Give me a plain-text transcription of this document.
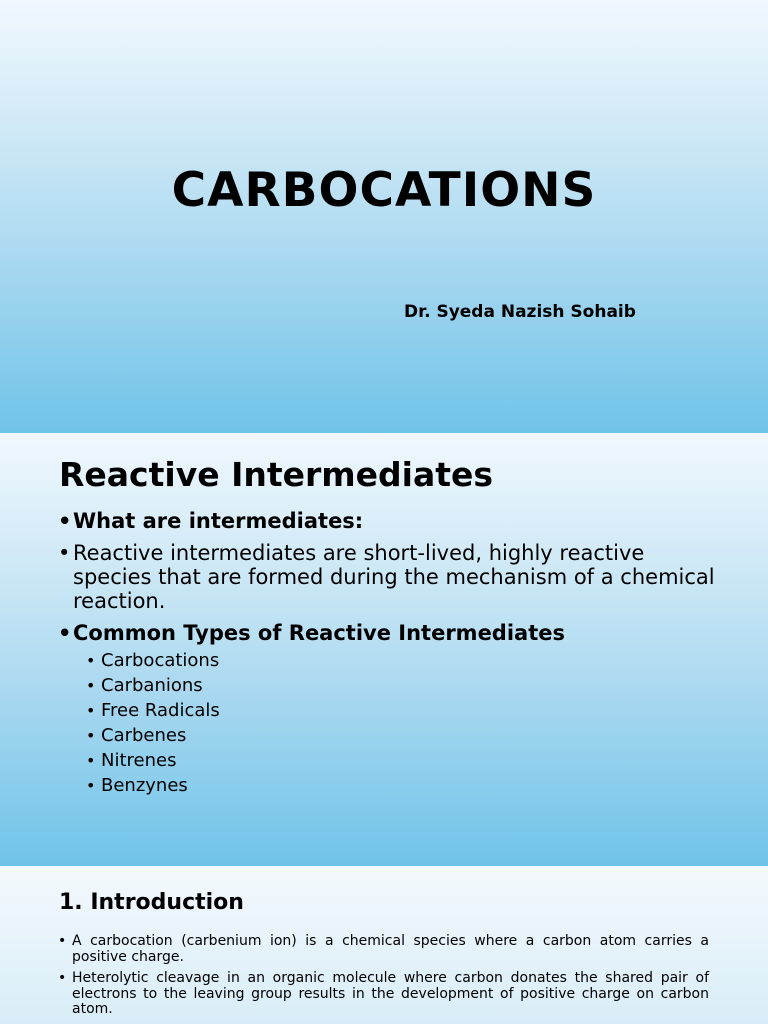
CARBOCATIONS
Dr. Syeda Nazish Sohaib
Reactive Intermediates
• What are intermediates:
• Reactive intermediates are short-lived, highly reactive species that are formed during the mechanism of a chemical reaction.
• Common Types of Reactive Intermediates
• Carbocations
• Carbanions
• Free Radicals
• Carbenes
• Nitrenes
• Benzynes
1. Introduction
• A carbocation (carbenium ion) is a chemical species where a carbon atom carries a positive charge.
• Heterolytic cleavage in an organic molecule where carbon donates the shared pair of electrons to the leaving group results in the development of positive charge on carbon atom.
